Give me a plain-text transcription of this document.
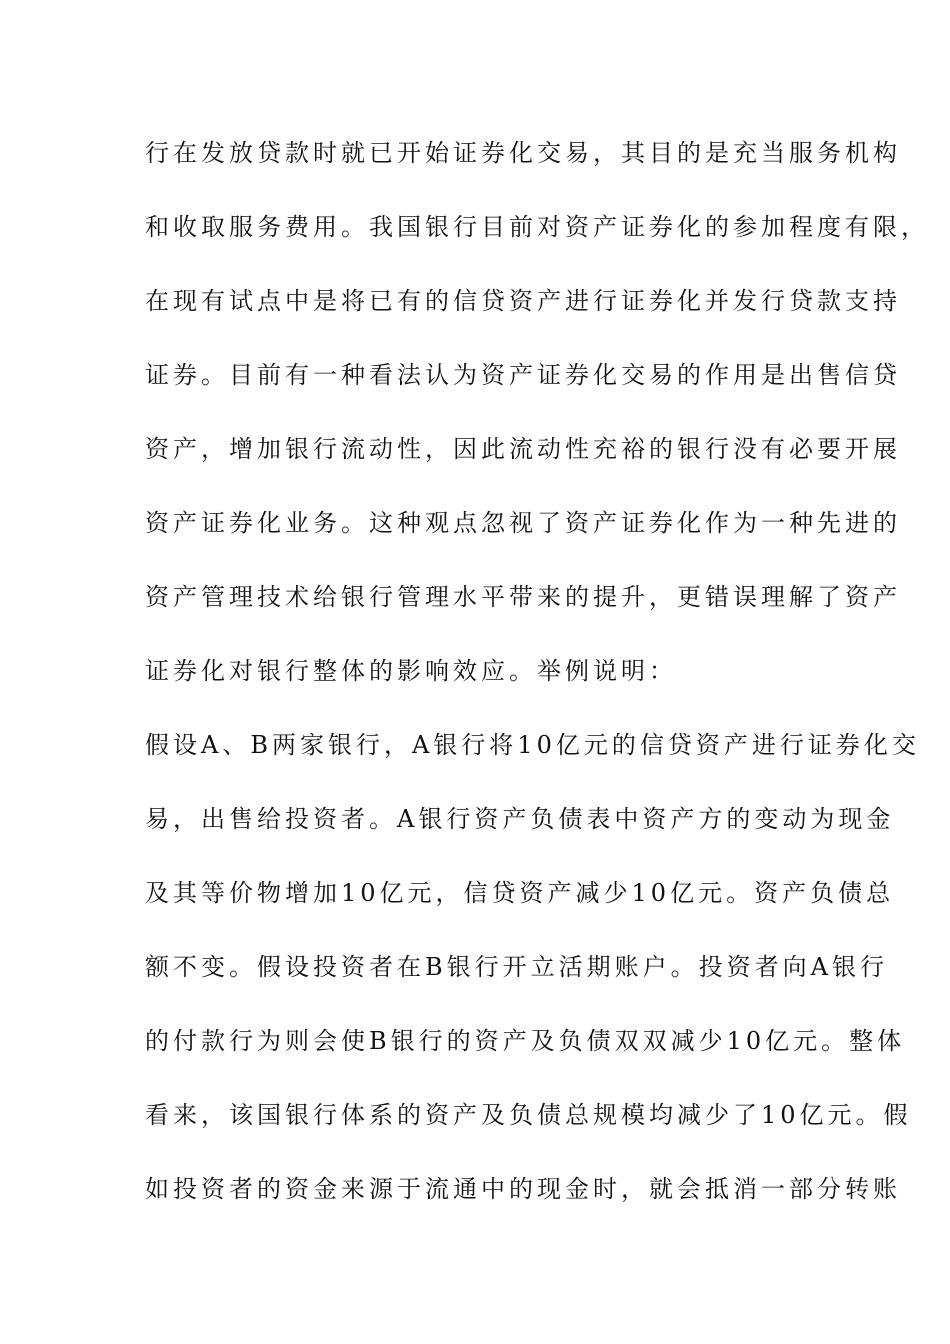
行在发放贷款时就已开始证券化交易，其目的是充当服务机构
和收取服务费用。我国银行目前对资产证券化的参加程度有限，
在现有试点中是将已有的信贷资产进行证券化并发行贷款支持
证券。目前有一种看法认为资产证券化交易的作用是出售信贷
资产，增加银行流动性，因此流动性充裕的银行没有必要开展
资产证券化业务。这种观点忽视了资产证券化作为一种先进的
资产管理技术给银行管理水平带来的提升，更错误理解了资产
证券化对银行整体的影响效应。举例说明：
假设A、B两家银行，A银行将10亿元的信贷资产进行证券化交
易，出售给投资者。A银行资产负债表中资产方的变动为现金
及其等价物增加10亿元，信贷资产减少10亿元。资产负债总
额不变。假设投资者在B银行开立活期账户。投资者向A银行
的付款行为则会使B银行的资产及负债双双减少10亿元。整体
看来，该国银行体系的资产及负债总规模均减少了10亿元。假
如投资者的资金来源于流通中的现金时，就会抵消一部分转账
